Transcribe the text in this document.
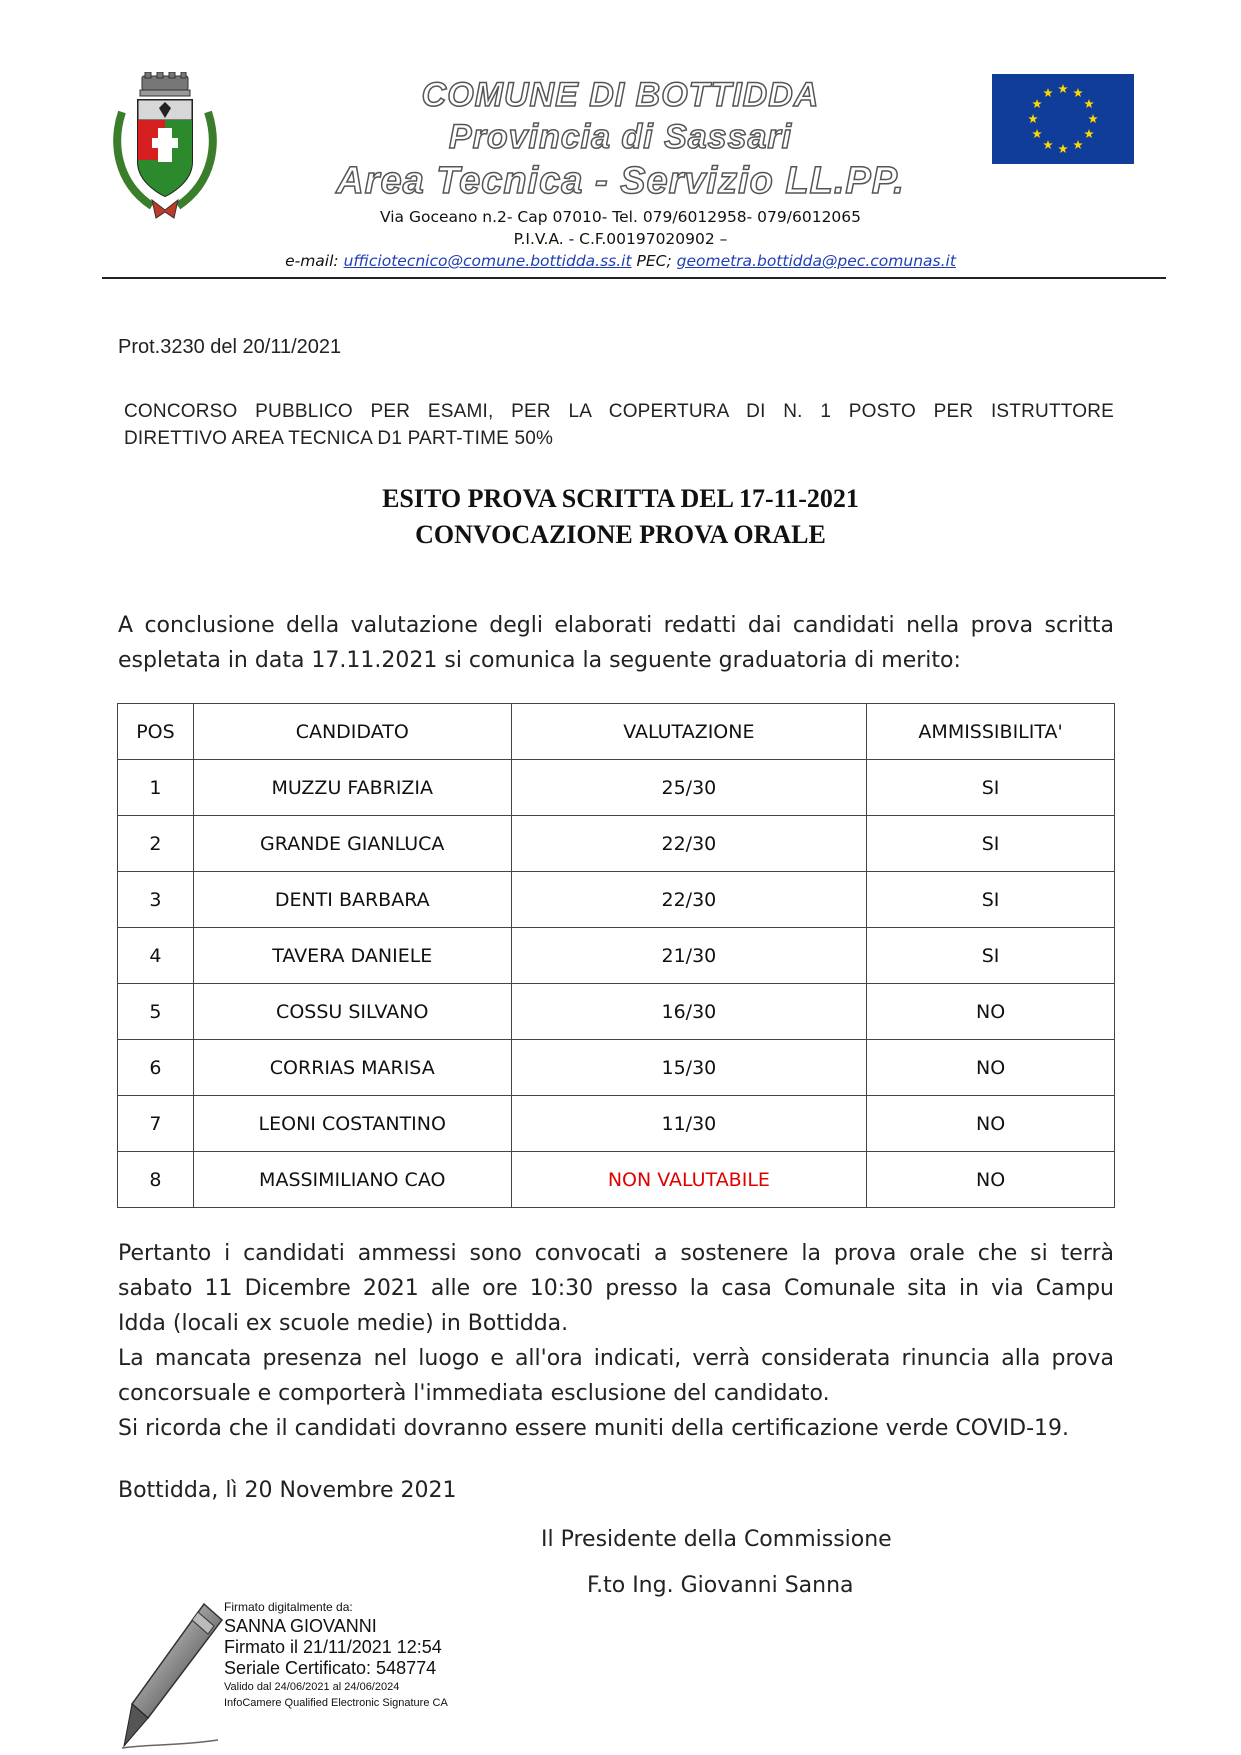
COMUNE DI BOTTIDDA
Provincia di Sassari
Area Tecnica - Servizio LL.PP.
Via Goceano n.2- Cap 07010- Tel. 079/6012958- 079/6012065
P.I.V.A. - C.F.00197020902 –
e-mail: ufficiotecnico@comune.bottidda.ss.it PEC; geometra.bottidda@pec.comunas.it
Prot.3230 del 20/11/2021
CONCORSO PUBBLICO PER ESAMI, PER LA COPERTURA DI N. 1 POSTO PER ISTRUTTORE
DIRETTIVO AREA TECNICA D1 PART-TIME 50%
ESITO PROVA SCRITTA DEL 17-11-2021
CONVOCAZIONE PROVA ORALE
A conclusione della valutazione degli elaborati redatti dai candidati nella prova scritta
espletata in data 17.11.2021 si comunica la seguente graduatoria di merito:
POS	CANDIDATO	VALUTAZIONE	AMMISSIBILITA'
1	MUZZU FABRIZIA	25/30	SI
2	GRANDE GIANLUCA	22/30	SI
3	DENTI BARBARA	22/30	SI
4	TAVERA DANIELE	21/30	SI
5	COSSU SILVANO	16/30	NO
6	CORRIAS MARISA	15/30	NO
7	LEONI COSTANTINO	11/30	NO
8	MASSIMILIANO CAO	NON VALUTABILE	NO
Pertanto i candidati ammessi sono convocati a sostenere la prova orale che si terrà
sabato 11 Dicembre 2021 alle ore 10:30 presso la casa Comunale sita in via Campu
Idda (locali ex scuole medie) in Bottidda.
La mancata presenza nel luogo e all'ora indicati, verrà considerata rinuncia alla prova
concorsuale e comporterà l'immediata esclusione del candidato.
Si ricorda che il candidati dovranno essere muniti della certificazione verde COVID-19.
Bottidda, lì 20 Novembre 2021
Il Presidente della Commissione
F.to Ing. Giovanni Sanna
Firmato digitalmente da:
SANNA GIOVANNI
Firmato il 21/11/2021 12:54
Seriale Certificato: 548774
Valido dal 24/06/2021 al 24/06/2024
InfoCamere Qualified Electronic Signature CA
